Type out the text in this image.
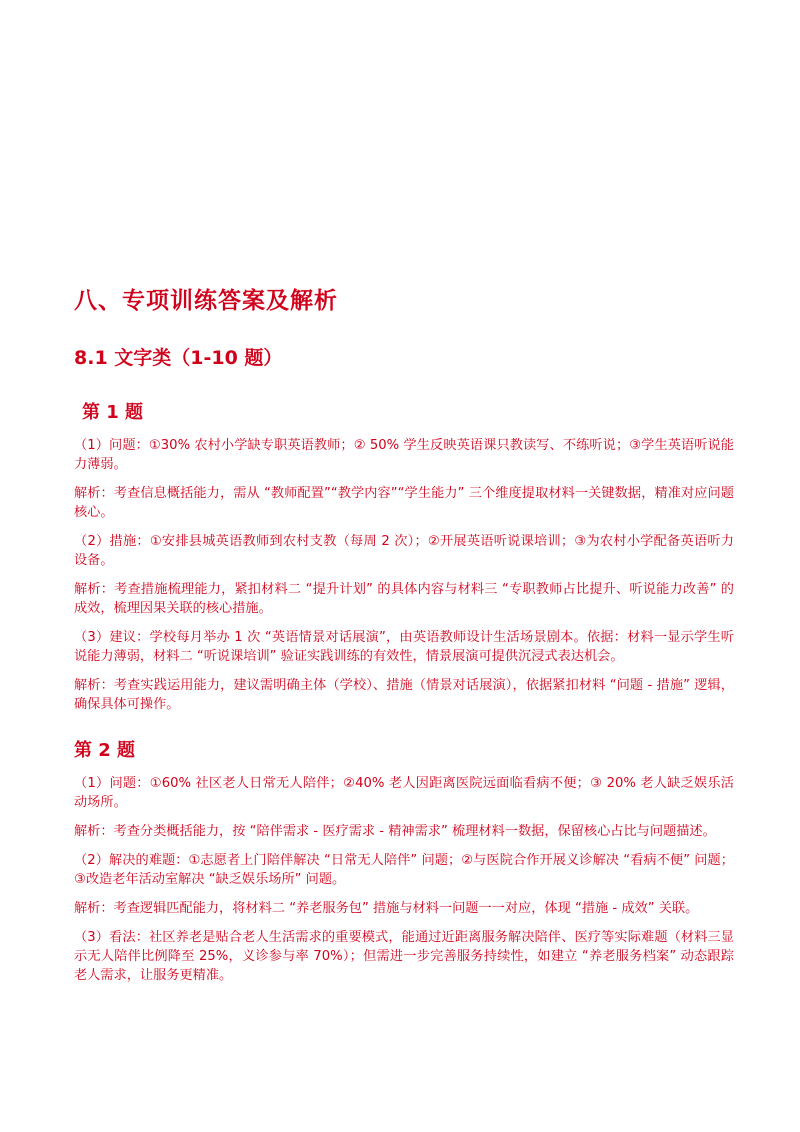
八、专项训练答案及解析
8.1 文字类（1-10 题）
第 1 题

（1）问题：①30% 农村小学缺专职英语教师；② 50% 学生反映英语课只教读写、不练听说；③学生英语听说能力薄弱。

解析：考查信息概括能力，需从 “教师配置”“教学内容”“学生能力” 三个维度提取材料一关键数据，精准对应问题核心。

（2）措施：①安排县城英语教师到农村支教（每周 2 次）；②开展英语听说课培训；③为农村小学配备英语听力设备。

解析：考查措施梳理能力，紧扣材料二 “提升计划” 的具体内容与材料三 “专职教师占比提升、听说能力改善” 的成效，梳理因果关联的核心措施。

（3）建议：学校每月举办 1 次 “英语情景对话展演”，由英语教师设计生活场景剧本。依据：材料一显示学生听说能力薄弱，材料二 “听说课培训” 验证实践训练的有效性，情景展演可提供沉浸式表达机会。

解析：考查实践运用能力，建议需明确主体（学校）、措施（情景对话展演），依据紧扣材料 “问题 - 措施” 逻辑，确保具体可操作。

第 2 题

（1）问题：①60% 社区老人日常无人陪伴；②40% 老人因距离医院远面临看病不便；③ 20% 老人缺乏娱乐活动场所。

解析：考查分类概括能力，按 “陪伴需求 - 医疗需求 - 精神需求” 梳理材料一数据，保留核心占比与问题描述。

（2）解决的难题：①志愿者上门陪伴解决 “日常无人陪伴” 问题；②与医院合作开展义诊解决 “看病不便” 问题；③改造老年活动室解决 “缺乏娱乐场所” 问题。

解析：考查逻辑匹配能力，将材料二 “养老服务包” 措施与材料一问题一一对应，体现 “措施 - 成效” 关联。

（3）看法：社区养老是贴合老人生活需求的重要模式，能通过近距离服务解决陪伴、医疗等实际难题（材料三显示无人陪伴比例降至 25%，义诊参与率 70%）；但需进一步完善服务持续性，如建立 “养老服务档案” 动态跟踪老人需求，让服务更精准。
